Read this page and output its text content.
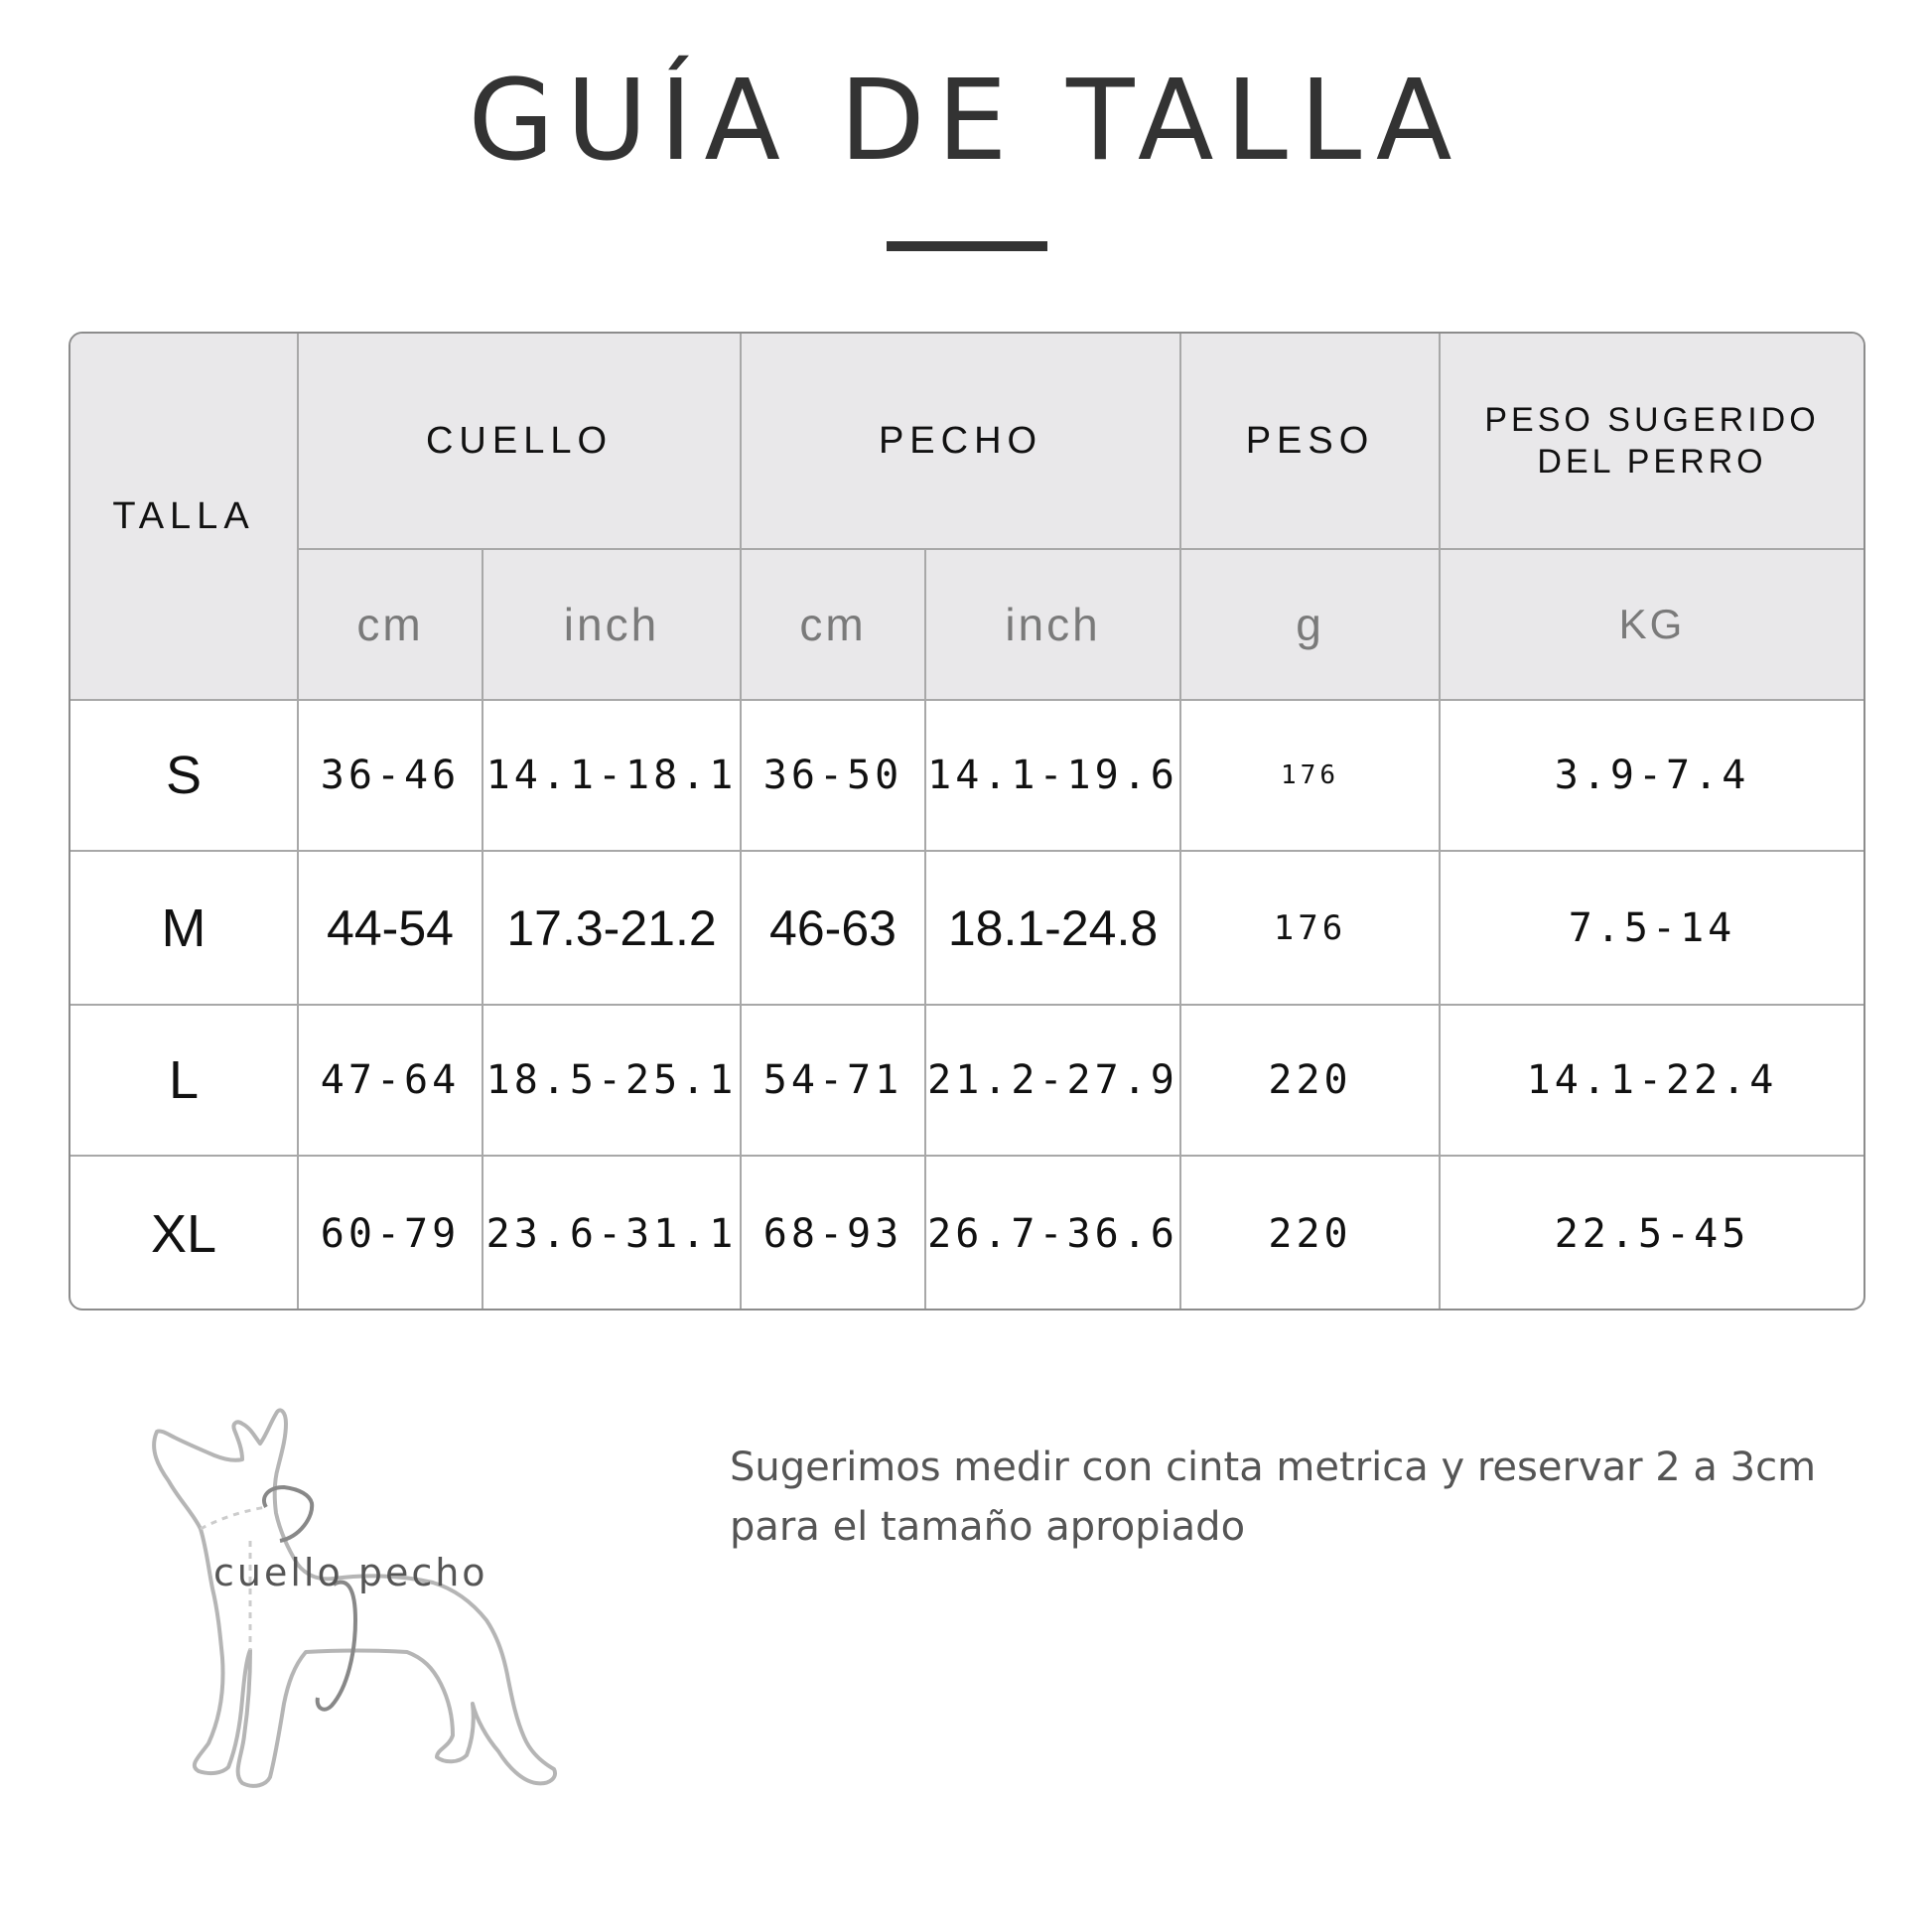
GUÍA DE TALLA
TALLA	CUELLO		PECHO		PESO	PESO SUGERIDO DEL PERRO
	cm	inch	cm	inch	g	KG
S	36-46	14.1-18.1	36-50	14.1-19.6	176	3.9-7.4
M	44-54	17.3-21.2	46-63	18.1-24.8	176	7.5-14
L	47-64	18.5-25.1	54-71	21.2-27.9	220	14.1-22.4
XL	60-79	23.6-31.1	68-93	26.7-36.6	220	22.5-45
cuello pecho
Sugerimos medir con cinta metrica y reservar 2 a 3cm para el tamaño apropiado
